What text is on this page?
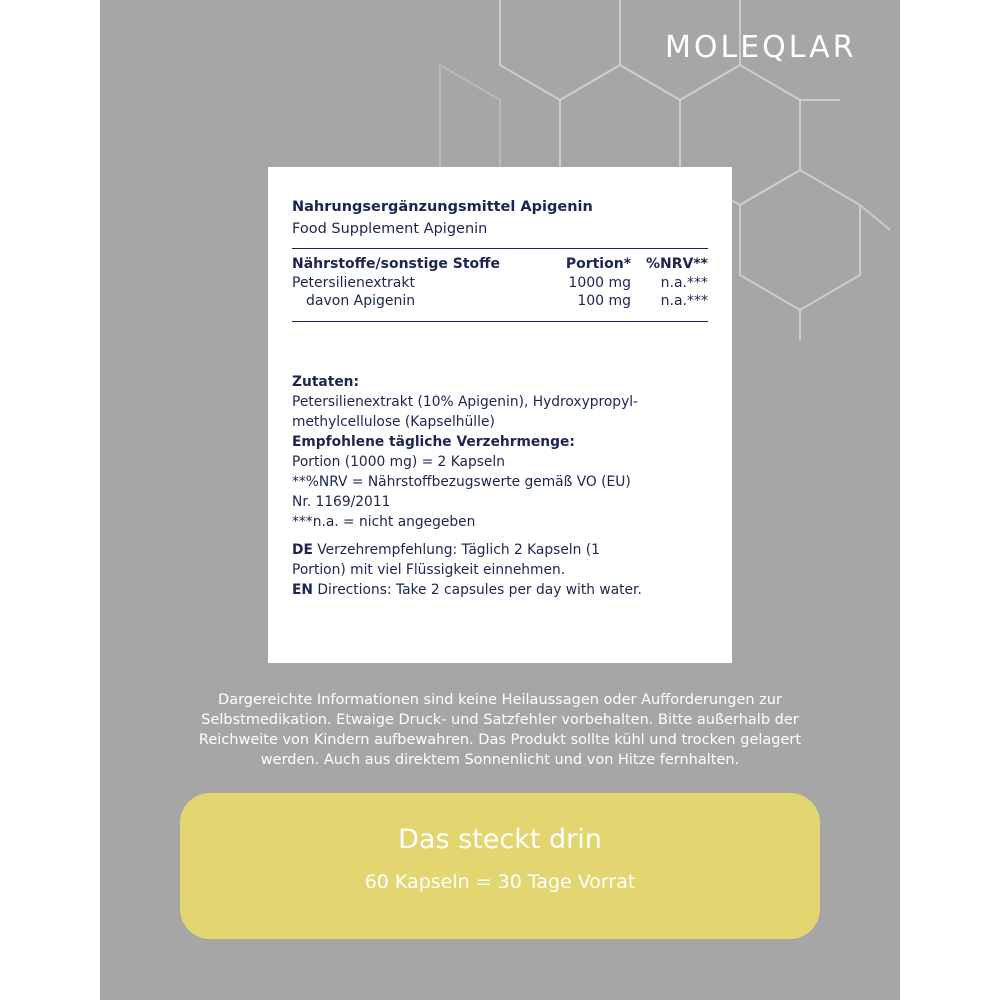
MOLEQLAR

Nahrungsergänzungsmittel Apigenin

Food Supplement Apigenin

Nährstoffe/sonstige Stoffe	Portion*	%NRV**
Petersilienextrakt	1000 mg	n.a.***
davon Apigenin	100 mg	n.a.***

Zutaten:

Petersilienextrakt (10% Apigenin), Hydroxypropyl-

methylcellulose (Kapselhülle)

Empfohlene tägliche Verzehrmenge:

Portion (1000 mg) = 2 Kapseln

**%NRV = Nährstoffbezugswerte gemäß VO (EU)

Nr. 1169/2011

***n.a. = nicht angegeben

DE Verzehrempfehlung: Täglich 2 Kapseln (1

Portion) mit viel Flüssigkeit einnehmen.

EN Directions: Take 2 capsules per day with water.

Dargereichte Informationen sind keine Heilaussagen oder Aufforderungen zur
Selbstmedikation. Etwaige Druck- und Satzfehler vorbehalten. Bitte außerhalb der
Reichweite von Kindern aufbewahren. Das Produkt sollte kühl und trocken gelagert
werden. Auch aus direktem Sonnenlicht und von Hitze fernhalten.
Das steckt drin
60 Kapseln = 30 Tage Vorrat
